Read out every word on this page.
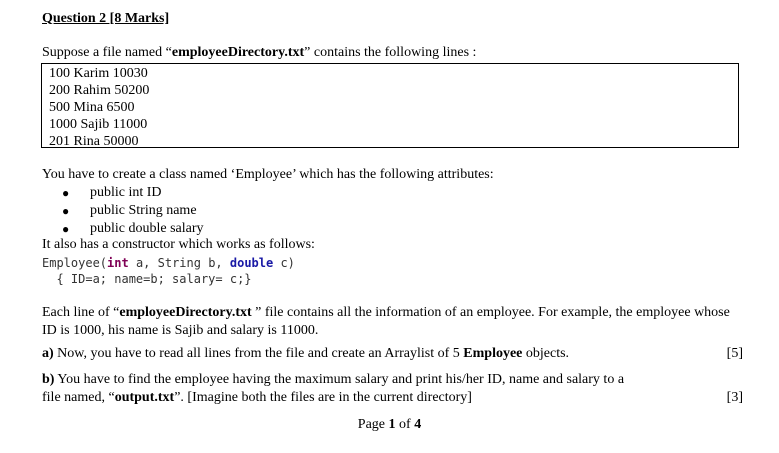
Question 2 [8 Marks]
Suppose a file named “employeeDirectory.txt” contains the following lines :
100 Karim 10030
200 Rahim 50200
500 Mina 6500
1000 Sajib 11000
201 Rina 50000
You have to create a class named ‘Employee’ which has the following attributes:
● public int ID
● public String name
● public double salary
It also has a constructor which works as follows:
Employee(int a, String b, double c)
{ ID=a; name=b; salary= c;}
Each line of “employeeDirectory.txt ” file contains all the information of an employee. For example, the employee whose ID is 1000, his name is Sajib and salary is 11000.
a) Now, you have to read all lines from the file and create an Arraylist of 5 Employee objects.	[5]
b) You have to find the employee having the maximum salary and print his/her ID, name and salary to a
file named, “output.txt”. [Imagine both the files are in the current directory]	[3]
Page 1 of 4
